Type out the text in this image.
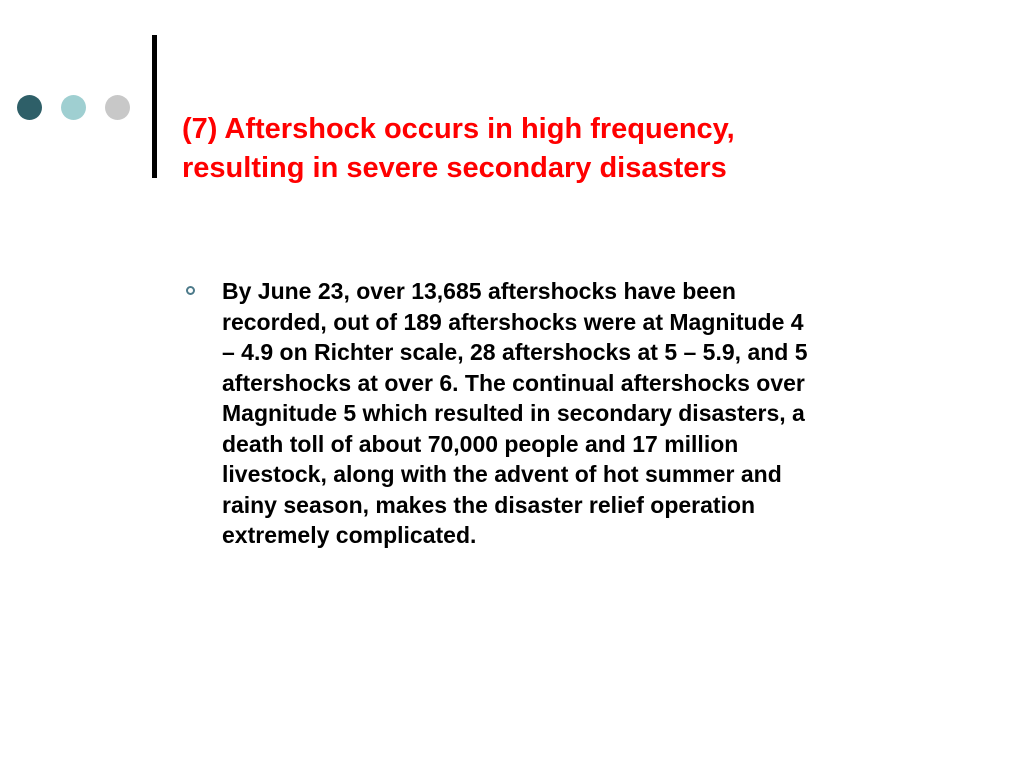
(7) Aftershock occurs in high frequency,
resulting in severe secondary disasters

By June 23, over 13,685 aftershocks have been
recorded, out of 189 aftershocks were at Magnitude 4
– 4.9 on Richter scale, 28 aftershocks at 5 – 5.9, and 5
aftershocks at over 6. The continual aftershocks over
Magnitude 5 which resulted in secondary disasters, a
death toll of about 70,000 people and 17 million
livestock, along with the advent of hot summer and
rainy season, makes the disaster relief operation
extremely complicated.
